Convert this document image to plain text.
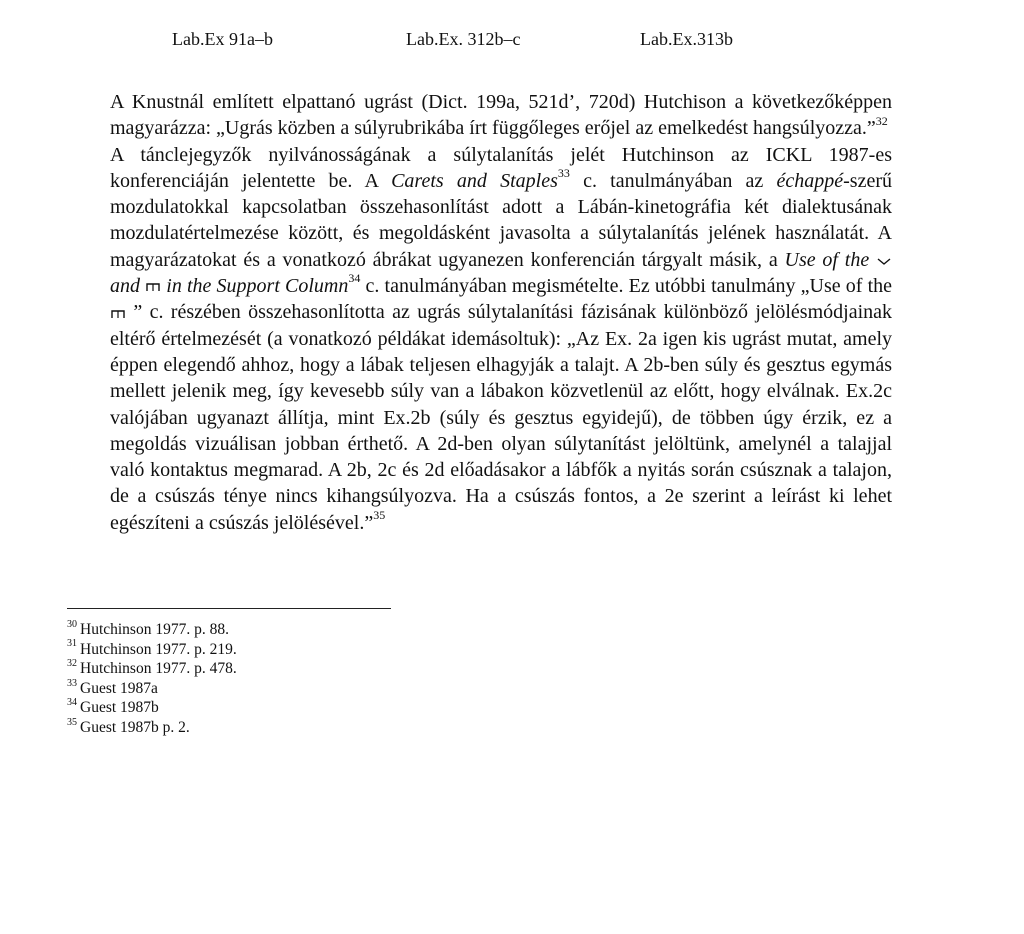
Lab.Ex 91a–b	Lab.Ex. 312b–c	Lab.Ex.313b

A Knustnál említett elpattanó ugrást (Dict. 199a, 521d’, 720d) Hutchison a következőképpen magyarázza: „Ugrás közben a súlyrubrikába írt függőleges erőjel az emelkedést hangsúlyozza.”$^{32}$

A tánclejegyzők nyilvánosságának a súlytalanítás jelét Hutchinson az ICKL 1987-es konferenciáján jelentette be. A Carets and Staples$^{33}$ c. tanulmányában az échappé-szerű mozdulatokkal kapcsolatban összehasonlítást adott a Lábán-kinetográfia két dialektusának mozdulatértelmezése között, és megoldásként javasolta a súlytalanítás jelének használatát. A magyarázatokat és a vonatkozó ábrákat ugyanezen konferencián tárgyalt másik, a Use of the
and in the Support Column$^{34}$ c. tanulmányában megismételte. Ez utóbbi tanulmány „Use of the
” c. részében összehasonlította az ugrás súlytalanítási fázisának különböző jelölésmódjainak eltérő értelmezését (a vonatkozó példákat idemásoltuk): „Az Ex. 2a igen kis ugrást mutat, amely éppen elegendő ahhoz, hogy a lábak teljesen elhagyják a talajt. A 2b-ben súly és gesztus egymás mellett jelenik meg, így kevesebb súly van a lábakon közvetlenül az előtt, hogy elválnak. Ex.2c valójában ugyanazt állítja, mint Ex.2b (súly és gesztus egyidejű), de többen úgy érzik, ez a megoldás vizuálisan jobban érthető. A 2d-ben olyan súlytanítást jelöltünk, amelynél a talajjal való kontaktus megmarad. A 2b, 2c és 2d előadásakor a lábfők a nyitás során csúsznak a talajon, de a csúszás ténye nincs kihangsúlyozva. Ha a csúszás fontos, a 2e szerint a leírást ki lehet egészíteni a csúszás jelölésével.”$^{35}$

$^{30}$ Hutchinson 1977. p. 88.
$^{31}$ Hutchinson 1977. p. 219.
$^{32}$ Hutchinson 1977. p. 478.
$^{33}$ Guest 1987a
$^{34}$ Guest 1987b
$^{35}$ Guest 1987b p. 2.
